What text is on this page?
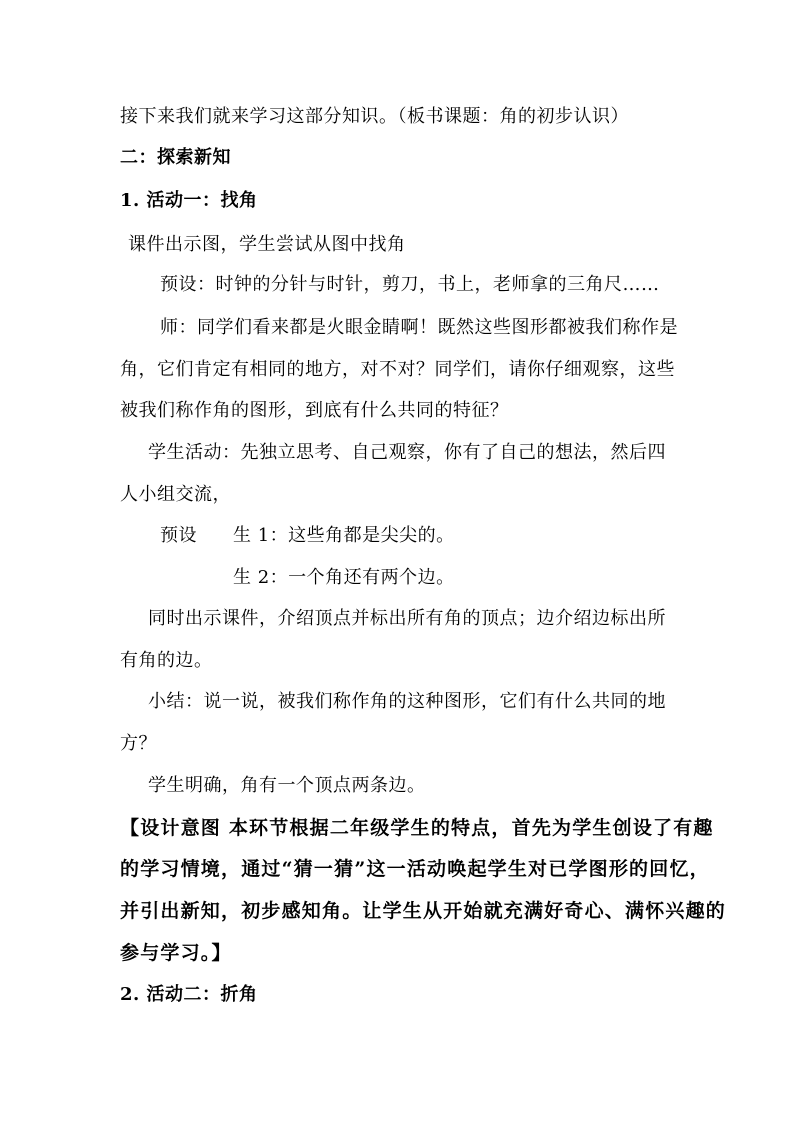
接下来我们就来学习这部分知识。（板书课题：角的初步认识）
二：探索新知
1. 活动一：找角
课件出示图，学生尝试从图中找角
预设：时钟的分针与时针，剪刀，书上，老师拿的三角尺……
师：同学们看来都是火眼金睛啊！既然这些图形都被我们称作是
角，它们肯定有相同的地方，对不对？同学们，请你仔细观察，这些
被我们称作角的图形，到底有什么共同的特征？
学生活动：先独立思考、自己观察，你有了自己的想法，然后四
人小组交流，
预设 生 1：这些角都是尖尖的。
生 2：一个角还有两个边。
同时出示课件，介绍顶点并标出所有角的顶点；边介绍边标出所
有角的边。
小结：说一说，被我们称作角的这种图形，它们有什么共同的地
方？
学生明确，角有一个顶点两条边。
【设计意图 本环节根据二年级学生的特点，首先为学生创设了有趣
的学习情境，通过“猜一猜”这一活动唤起学生对已学图形的回忆，
并引出新知，初步感知角。让学生从开始就充满好奇心、满怀兴趣的
参与学习。】
2. 活动二：折角
